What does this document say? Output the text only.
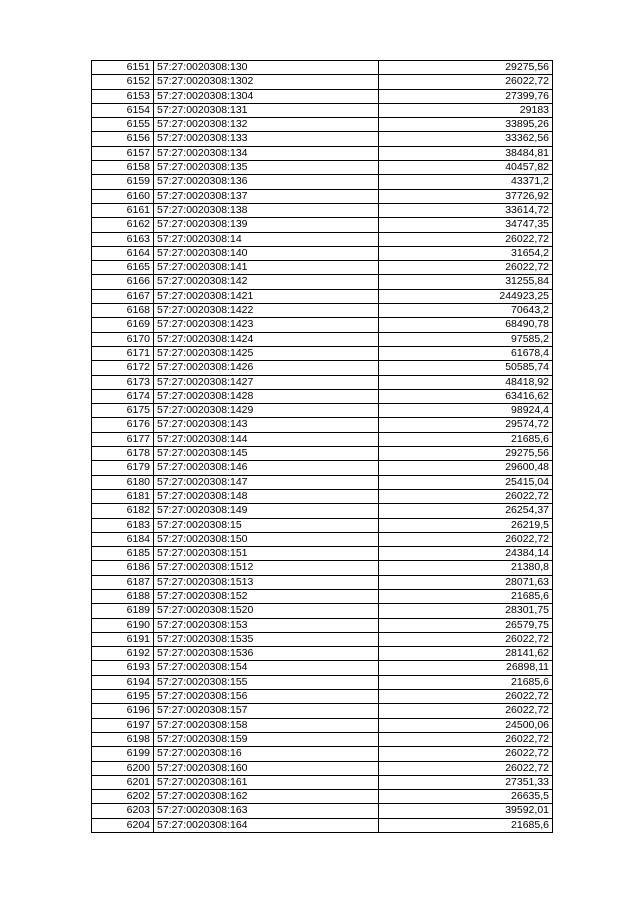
6151	57:27:0020308:130	29275,56
6152	57:27:0020308:1302	26022,72
6153	57:27:0020308:1304	27399,76
6154	57:27:0020308:131	29183
6155	57:27:0020308:132	33895,26
6156	57:27:0020308:133	33362,56
6157	57:27:0020308:134	38484,81
6158	57:27:0020308:135	40457,82
6159	57:27:0020308:136	43371,2
6160	57:27:0020308:137	37726,92
6161	57:27:0020308:138	33614,72
6162	57:27:0020308:139	34747,35
6163	57:27:0020308:14	26022,72
6164	57:27:0020308:140	31654,2
6165	57:27:0020308:141	26022,72
6166	57:27:0020308:142	31255,84
6167	57:27:0020308:1421	244923,25
6168	57:27:0020308:1422	70643,2
6169	57:27:0020308:1423	68490,78
6170	57:27:0020308:1424	97585,2
6171	57:27:0020308:1425	61678,4
6172	57:27:0020308:1426	50585,74
6173	57:27:0020308:1427	48418,92
6174	57:27:0020308:1428	63416,62
6175	57:27:0020308:1429	98924,4
6176	57:27:0020308:143	29574,72
6177	57:27:0020308:144	21685,6
6178	57:27:0020308:145	29275,56
6179	57:27:0020308:146	29600,48
6180	57:27:0020308:147	25415,04
6181	57:27:0020308:148	26022,72
6182	57:27:0020308:149	26254,37
6183	57:27:0020308:15	26219,5
6184	57:27:0020308:150	26022,72
6185	57:27:0020308:151	24384,14
6186	57:27:0020308:1512	21380,8
6187	57:27:0020308:1513	28071,63
6188	57:27:0020308:152	21685,6
6189	57:27:0020308:1520	28301,75
6190	57:27:0020308:153	26579,75
6191	57:27:0020308:1535	26022,72
6192	57:27:0020308:1536	28141,62
6193	57:27:0020308:154	26898,11
6194	57:27:0020308:155	21685,6
6195	57:27:0020308:156	26022,72
6196	57:27:0020308:157	26022,72
6197	57:27:0020308:158	24500,06
6198	57:27:0020308:159	26022,72
6199	57:27:0020308:16	26022,72
6200	57:27:0020308:160	26022,72
6201	57:27:0020308:161	27351,33
6202	57:27:0020308:162	26635,5
6203	57:27:0020308:163	39592,01
6204	57:27:0020308:164	21685,6
